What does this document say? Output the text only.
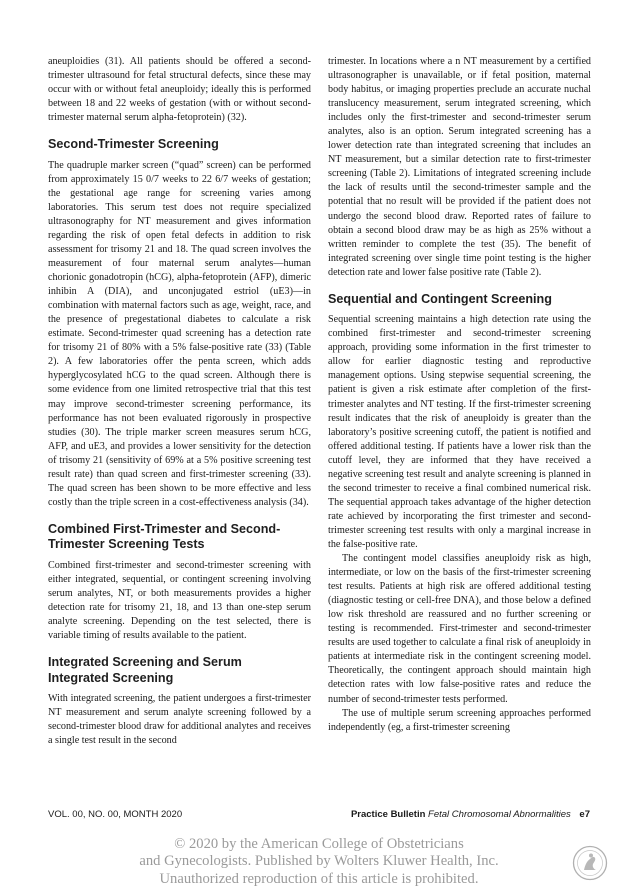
aneuploidies (31). All patients should be offered a second-trimester ultrasound for fetal structural defects, since these may occur with or without fetal aneuploidy; ideally this is performed between 18 and 22 weeks of gestation (with or without second-trimester maternal serum alpha-fetoprotein) (32).

Second-Trimester Screening

The quadruple marker screen (“quad” screen) can be performed from approximately 15 0/7 weeks to 22 6/7 weeks of gestation; the gestational age range for screening varies among laboratories. This serum test does not require specialized ultrasonography for NT measurement and gives information regarding the risk of open fetal defects in addition to risk assessment for trisomy 21 and 18. The quad screen involves the measurement of four maternal serum analytes—human chorionic gonadotropin (hCG), alpha-fetoprotein (AFP), dimeric inhibin A (DIA), and unconjugated estriol (uE3)—in combination with maternal factors such as age, weight, race, and the presence of pregestational diabetes to calculate a risk estimate. Second-trimester quad screening has a detection rate for trisomy 21 of 80% with a 5% false-positive rate (33) (Table 2). A few laboratories offer the penta screen, which adds hyperglycosylated hCG to the quad screen. Although there is some evidence from one limited retrospective trial that this test may improve second-trimester screening performance, its performance has not been evaluated rigorously in prospective studies (30). The triple marker screen measures serum hCG, AFP, and uE3, and provides a lower sensitivity for the detection of trisomy 21 (sensitivity of 69% at a 5% positive screening test result rate) than quad screen and first-trimester screening (33). The quad screen has been shown to be more effective and less costly than the triple screen in a cost-effectiveness analysis (34).

Combined First-Trimester and Second-
Trimester Screening Tests

Combined first-trimester and second-trimester screening with either integrated, sequential, or contingent screening involving serum analytes, NT, or both measurements provides a higher detection rate for trisomy 21, 18, and 13 than one-step serum analyte screening. Depending on the test selected, there is variable timing of results available to the patient.

Integrated Screening and Serum
Integrated Screening

With integrated screening, the patient undergoes a first-trimester NT measurement and serum analyte screening followed by a second-trimester blood draw for additional analytes and receives a single test result in the second

trimester. In locations where a n NT measurement by a certified ultrasonographer is unavailable, or if fetal position, maternal body habitus, or imaging properties preclude an accurate nuchal translucency measurement, serum integrated screening, which includes only the first-trimester and second-trimester serum analytes, also is an option. Serum integrated screening has a lower detection rate than integrated screening that includes an NT measurement, but a similar detection rate to first-trimester screening (Table 2). Limitations of integrated screening include the lack of results until the second-trimester sample and the potential that no result will be provided if the patient does not undergo the second blood draw. Reported rates of failure to obtain a second blood draw may be as high as 25% without a written reminder to complete the test (35). The benefit of integrated screening over single time point testing is the higher detection rate and lower false positive rate (Table 2).

Sequential and Contingent Screening

Sequential screening maintains a high detection rate using the combined first-trimester and second-trimester screening approach, providing some information in the first trimester to allow for earlier diagnostic testing and reproductive management options. Using stepwise sequential screening, the patient is given a risk estimate after completion of the first-trimester analytes and NT testing. If the first-trimester screening result indicates that the risk of aneuploidy is greater than the laboratory’s positive screening cutoff, the patient is notified and offered additional testing. If patients have a lower risk than the cutoff level, they are informed that they have received a negative screening test result and analyte screening is planned in the second trimester to receive a final combined numerical risk. The sequential approach takes advantage of the higher detection rate achieved by incorporating the first trimester and second-trimester screening test results with only a marginal increase in the false-positive rate.

The contingent model classifies aneuploidy risk as high, intermediate, or low on the basis of the first-trimester screening test results. Patients at high risk are offered additional testing (diagnostic testing or cell-free DNA), and those below a defined low risk threshold are reassured and no further screening or testing is recommended. First-trimester and second-trimester results are used together to calculate a final risk of aneuploidy in patients at intermediate risk in the contingent screening model. Theoretically, the contingent approach should maintain high detection rates with low false-positive rates and reduce the number of second-trimester tests performed.

The use of multiple serum screening approaches performed independently (eg, a first-trimester screening

VOL. 00, NO. 00, MONTH 2020	Practice Bulletin Fetal Chromosomal Abnormalities e7
© 2020 by the American College of Obstetricians
and Gynecologists. Published by Wolters Kluwer Health, Inc.
Unauthorized reproduction of this article is prohibited.
